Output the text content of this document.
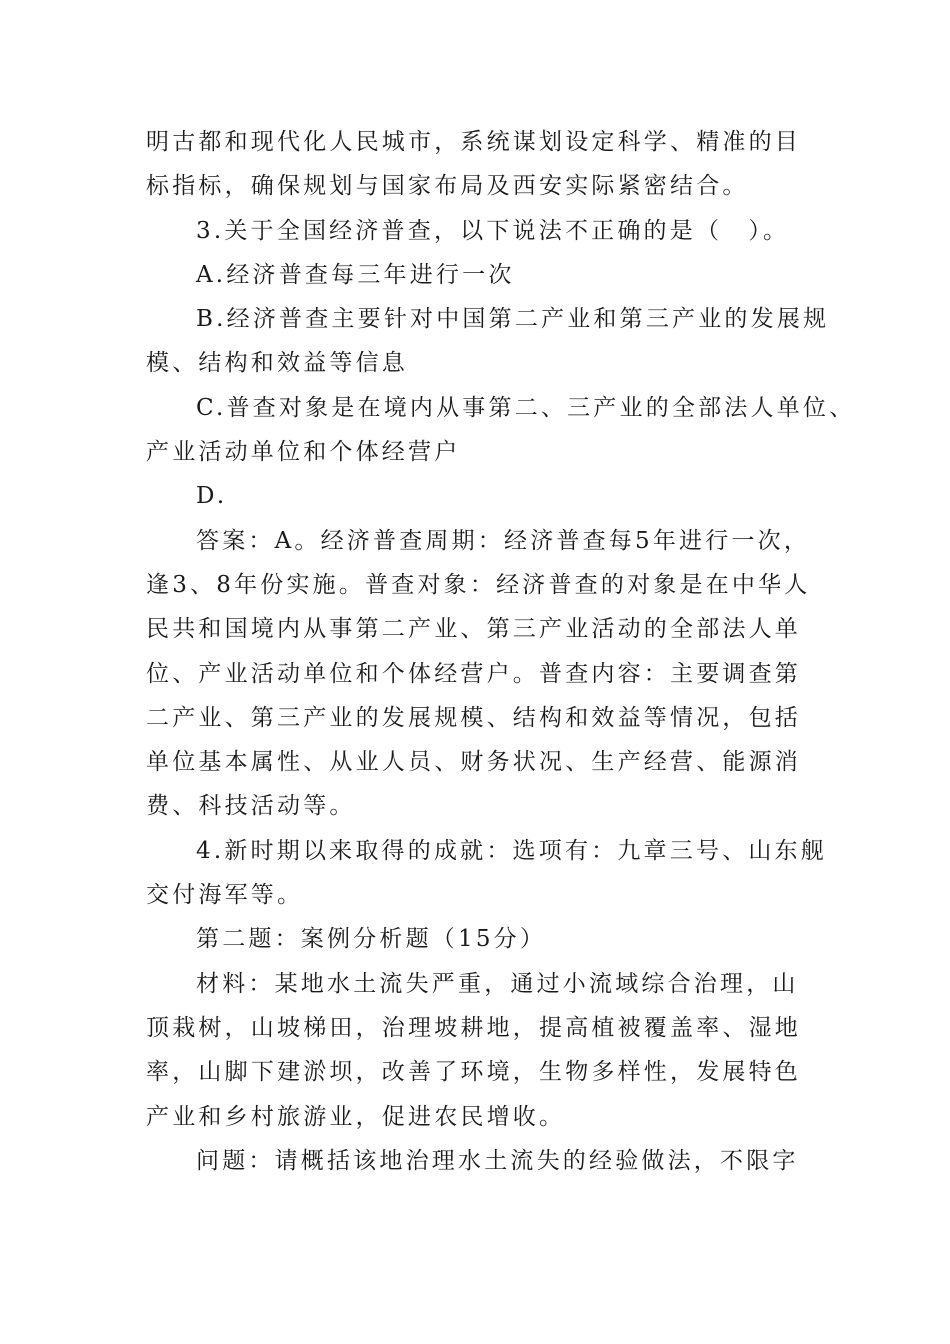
明古都和现代化人民城市，系统谋划设定科学、精准的目
标指标，确保规划与国家布局及西安实际紧密结合。

3.关于全国经济普查，以下说法不正确的是（　）。

A.经济普查每三年进行一次

B.经济普查主要针对中国第二产业和第三产业的发展规
模、结构和效益等信息

C.普查对象是在境内从事第二、三产业的全部法人单位、
产业活动单位和个体经营户

D.

答案：A。经济普查周期：经济普查每5年进行一次，
逢3、8年份实施。普查对象：经济普查的对象是在中华人
民共和国境内从事第二产业、第三产业活动的全部法人单
位、产业活动单位和个体经营户。普查内容：主要调查第
二产业、第三产业的发展规模、结构和效益等情况，包括
单位基本属性、从业人员、财务状况、生产经营、能源消
费、科技活动等。

4.新时期以来取得的成就：选项有：九章三号、山东舰
交付海军等。

第二题：案例分析题（15分）

材料：某地水土流失严重，通过小流域综合治理，山
顶栽树，山坡梯田，治理坡耕地，提高植被覆盖率、湿地
率，山脚下建淤坝，改善了环境，生物多样性，发展特色
产业和乡村旅游业，促进农民增收。

问题：请概括该地治理水土流失的经验做法，不限字
